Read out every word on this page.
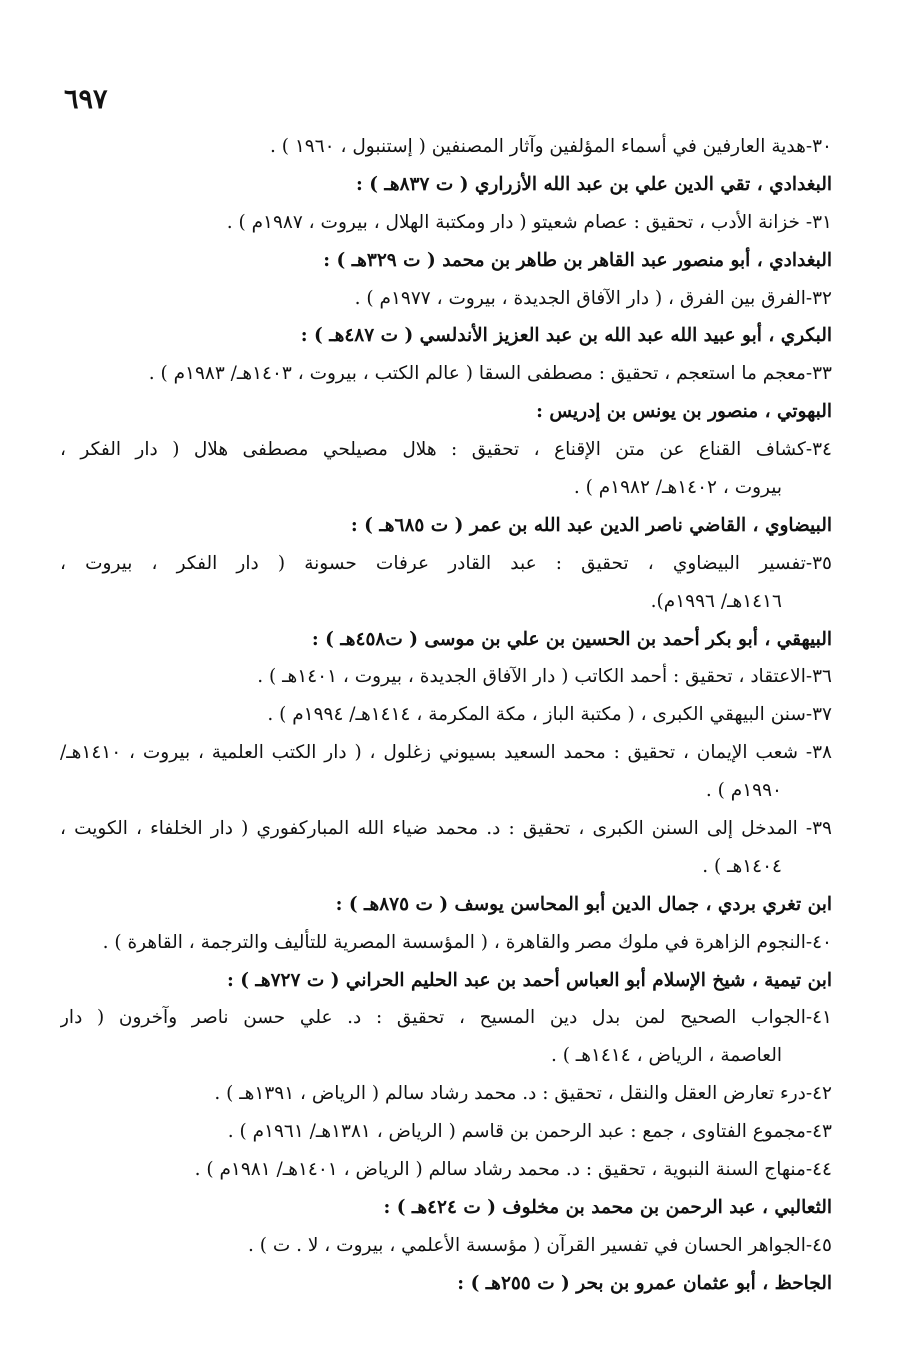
٦٩٧
٣٠-هدية العارفين في أسماء المؤلفين وآثار المصنفين ( إستنبول ، ١٩٦٠ ) .
البغدادي ، تقي الدين علي بن عبد الله الأزراري ( ت ٨٣٧هـ ) :
٣١- خزانة الأدب ، تحقيق : عصام شعيتو ( دار ومكتبة الهلال ، بيروت ، ١٩٨٧م ) .
البغدادي ، أبو منصور عبد القاهر بن طاهر بن محمد ( ت ٣٢٩هـ ) :
٣٢-الفرق بين الفرق ، ( دار الآفاق الجديدة ، بيروت ، ١٩٧٧م ) .
البكري ، أبو عبيد الله عبد الله بن عبد العزيز الأندلسي ( ت ٤٨٧هـ ) :
٣٣-معجم ما استعجم ، تحقيق : مصطفى السقا ( عالم الكتب ، بيروت ، ١٤٠٣هـ/ ١٩٨٣م ) .
البهوتي ، منصور بن يونس بن إدريس :
٣٤-كشاف القناع عن متن الإقناع ، تحقيق : هلال مصيلحي مصطفى هلال ( دار الفكر ،
بيروت ، ١٤٠٢هـ/ ١٩٨٢م ) .
البيضاوي ، القاضي ناصر الدين عبد الله بن عمر ( ت ٦٨٥هـ ) :
٣٥-تفسير البيضاوي ، تحقيق : عبد القادر عرفات حسونة ( دار الفكر ، بيروت ،
١٤١٦هـ/ ١٩٩٦م).
البيهقي ، أبو بكر أحمد بن الحسين بن علي بن موسى ( ت٤٥٨هـ ) :
٣٦-الاعتقاد ، تحقيق : أحمد الكاتب ( دار الآفاق الجديدة ، بيروت ، ١٤٠١هـ ) .
٣٧-سنن البيهقي الكبرى ، ( مكتبة الباز ، مكة المكرمة ، ١٤١٤هـ/ ١٩٩٤م ) .
٣٨- شعب الإيمان ، تحقيق : محمد السعيد بسيوني زغلول ، ( دار الكتب العلمية ، بيروت ، ١٤١٠هـ/
١٩٩٠م ) .
٣٩- المدخل إلى السنن الكبرى ، تحقيق : د. محمد ضياء الله المباركفوري ( دار الخلفاء ، الكويت ،
١٤٠٤هـ ) .
ابن تغري بردي ، جمال الدين أبو المحاسن يوسف ( ت ٨٧٥هـ ) :
٤٠-النجوم الزاهرة في ملوك مصر والقاهرة ، ( المؤسسة المصرية للتأليف والترجمة ، القاهرة ) .
ابن تيمية ، شيخ الإسلام أبو العباس أحمد بن عبد الحليم الحراني ( ت ٧٢٧هـ ) :
٤١-الجواب الصحيح لمن بدل دين المسيح ، تحقيق : د. علي حسن ناصر وآخرون ( دار
العاصمة ، الرياض ، ١٤١٤هـ ) .
٤٢-درء تعارض العقل والنقل ، تحقيق : د. محمد رشاد سالم ( الرياض ، ١٣٩١هـ ) .
٤٣-مجموع الفتاوى ، جمع : عبد الرحمن بن قاسم ( الرياض ، ١٣٨١هـ/ ١٩٦١م ) .
٤٤-منهاج السنة النبوية ، تحقيق : د. محمد رشاد سالم ( الرياض ، ١٤٠١هـ/ ١٩٨١م ) .
الثعالبي ، عبد الرحمن بن محمد بن مخلوف ( ت ٤٢٤هـ ) :
٤٥-الجواهر الحسان في تفسير القرآن ( مؤسسة الأعلمي ، بيروت ، لا . ت ) .
الجاحظ ، أبو عثمان عمرو بن بحر ( ت ٢٥٥هـ ) :
